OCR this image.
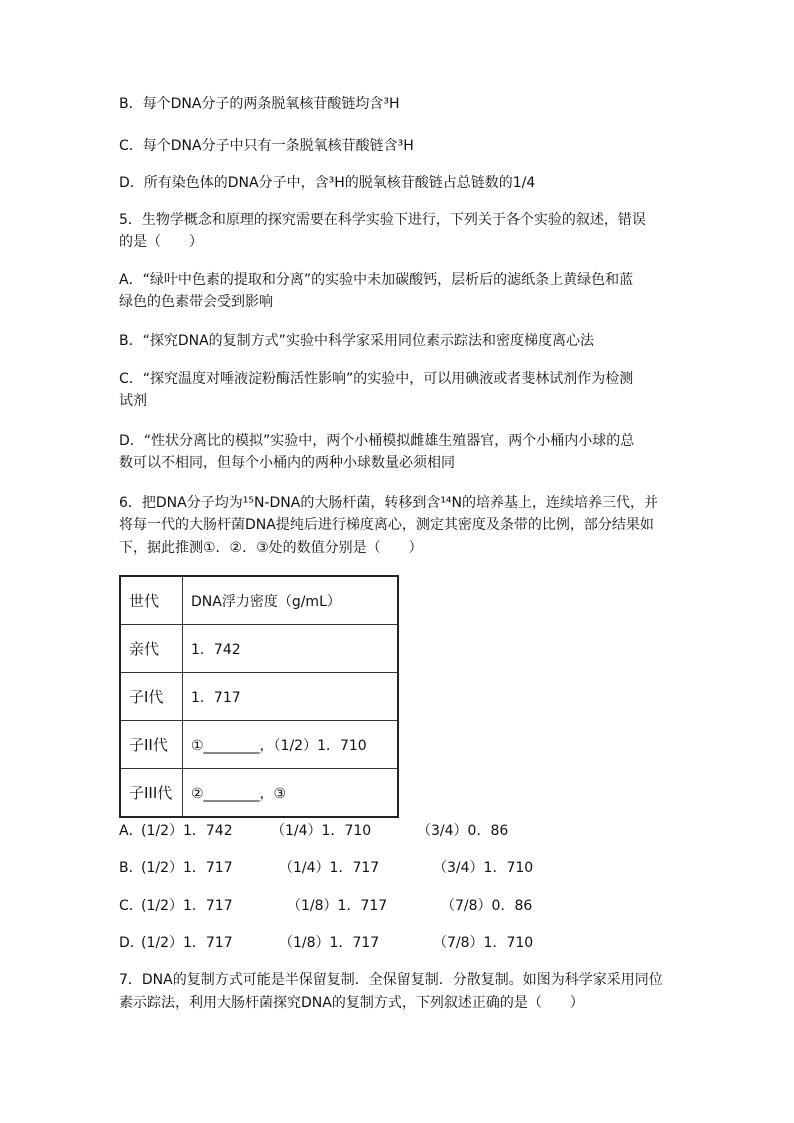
B．每个DNA分子的两条脱氧核苷酸链均含³H
C．每个DNA分子中只有一条脱氧核苷酸链含³H
D．所有染色体的DNA分子中，含³H的脱氧核苷酸链占总链数的1/4
5．生物学概念和原理的探究需要在科学实验下进行，下列关于各个实验的叙述，错误
的是（　　）
A．“绿叶中色素的提取和分离”的实验中未加碳酸钙，层析后的滤纸条上黄绿色和蓝
绿色的色素带会受到影响
B．“探究DNA的复制方式”实验中科学家采用同位素示踪法和密度梯度离心法
C．“探究温度对唾液淀粉酶活性影响”的实验中，可以用碘液或者斐林试剂作为检测
试剂
D．“性状分离比的模拟”实验中，两个小桶模拟雌雄生殖器官，两个小桶内小球的总
数可以不相同，但每个小桶内的两种小球数量必须相同
6．把DNA分子均为¹⁵N-DNA的大肠杆菌，转移到含¹⁴N的培养基上，连续培养三代，并
将每一代的大肠杆菌DNA提纯后进行梯度离心，测定其密度及条带的比例，部分结果如
下，据此推测①．②．③处的数值分别是（　　）
世代	DNA浮力密度（g/mL）
亲代	1．742
子I代	1．717
子II代	①________，（1/2）1．710
子III代	②________，③
A．
(1/2）1．742	（1/4）1．710	（3/4）0．86
B．
(1/2）1．717	（1/4）1．717	（3/4）1．710
C．
(1/2）1．717	（1/8）1．717	（7/8）0．86
D．
(1/2）1．717	（1/8）1．717	（7/8）1．710
7．DNA的复制方式可能是半保留复制．全保留复制．分散复制。如图为科学家采用同位
素示踪法，利用大肠杆菌探究DNA的复制方式，下列叙述正确的是（　　）
